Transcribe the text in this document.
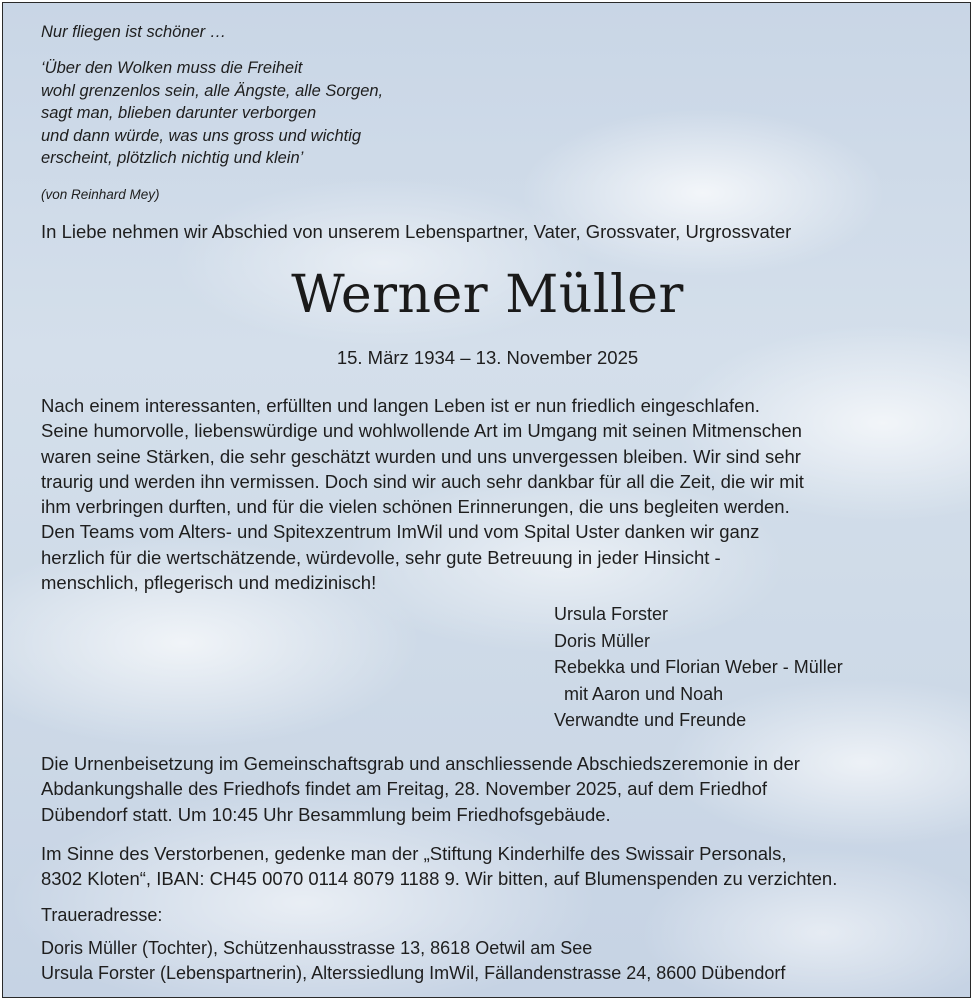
Nur fliegen ist schöner …
‘Über den Wolken muss die Freiheit
wohl grenzenlos sein, alle Ängste, alle Sorgen,
sagt man, blieben darunter verborgen
und dann würde, was uns gross und wichtig
erscheint, plötzlich nichtig und klein’
(von Reinhard Mey)
In Liebe nehmen wir Abschied von unserem Lebenspartner, Vater, Grossvater, Urgrossvater
Werner Müller
15. März 1934 – 13. November 2025
Nach einem interessanten, erfüllten und langen Leben ist er nun friedlich eingeschlafen.
Seine humorvolle, liebenswürdige und wohlwollende Art im Umgang mit seinen Mitmenschen
waren seine Stärken, die sehr geschätzt wurden und uns unvergessen bleiben. Wir sind sehr
traurig und werden ihn vermissen. Doch sind wir auch sehr dankbar für all die Zeit, die wir mit
ihm verbringen durften, und für die vielen schönen Erinnerungen, die uns begleiten werden.
Den Teams vom Alters- und Spitexzentrum ImWil und vom Spital Uster danken wir ganz
herzlich für die wertschätzende, würdevolle, sehr gute Betreuung in jeder Hinsicht -
menschlich, pflegerisch und medizinisch!
Ursula Forster
Doris Müller
Rebekka und Florian Weber - Müller
mit Aaron und Noah
Verwandte und Freunde
Die Urnenbeisetzung im Gemeinschaftsgrab und anschliessende Abschiedszeremonie in der
Abdankungshalle des Friedhofs findet am Freitag, 28. November 2025, auf dem Friedhof
Dübendorf statt. Um 10:45 Uhr Besammlung beim Friedhofsgebäude.
Im Sinne des Verstorbenen, gedenke man der „Stiftung Kinderhilfe des Swissair Personals,
8302 Kloten“, IBAN: CH45 0070 0114 8079 1188 9. Wir bitten, auf Blumenspenden zu verzichten.
Traueradresse:
Doris Müller (Tochter), Schützenhausstrasse 13, 8618 Oetwil am See
Ursula Forster (Lebenspartnerin), Alterssiedlung ImWil, Fällandenstrasse 24, 8600 Dübendorf
